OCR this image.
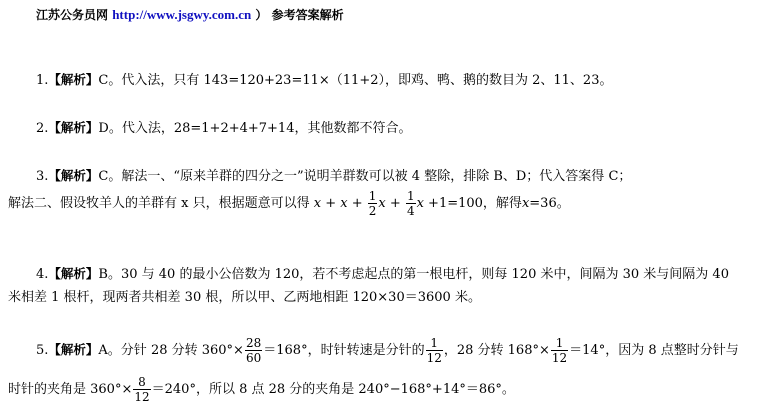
江苏公务员网 http://www.jsgwy.com.cn ） 参考答案解析
1.【解析】C。代入法，只有 143=120+23=11×（11+2），即鸡、鸭、鹅的数目为 2、11、23。
2.【解析】D。代入法，28=1+2+4+7+14，其他数都不符合。
3.【解析】C。解法一、“原来羊群的四分之一”说明羊群数可以被 4 整除，排除 B、D；代入答案得 C；
解法二、假设牧羊人的羊群有 x 只，根据题意可以得 $x + x + \frac{1}{2}$ $x + \frac{1}{4}$ x +1=100，解得x=36。
4.【解析】B。30 与 40 的最小公倍数为 120，若不考虑起点的第一根电杆，则每 120 米中，间隔为 30 米与间隔为 40
米相差 1 根杆，现两者共相差 30 根，所以甲、乙两地相距 120×30＝3600 米。
5.【解析】A。分针 28 分转 $360^\circ\times \frac{28}{60} =168^\circ$，时针转速是分针的 $\frac{1}{12}$ ，28 分转 $168^\circ\times \frac{1}{12} =14^\circ$，因为 8 点整时分针与
时针的夹角是 $360^\circ\times \frac{8}{12} =240^\circ$，所以 8 点 28 分的夹角是 240°−168°+14°＝86°。
